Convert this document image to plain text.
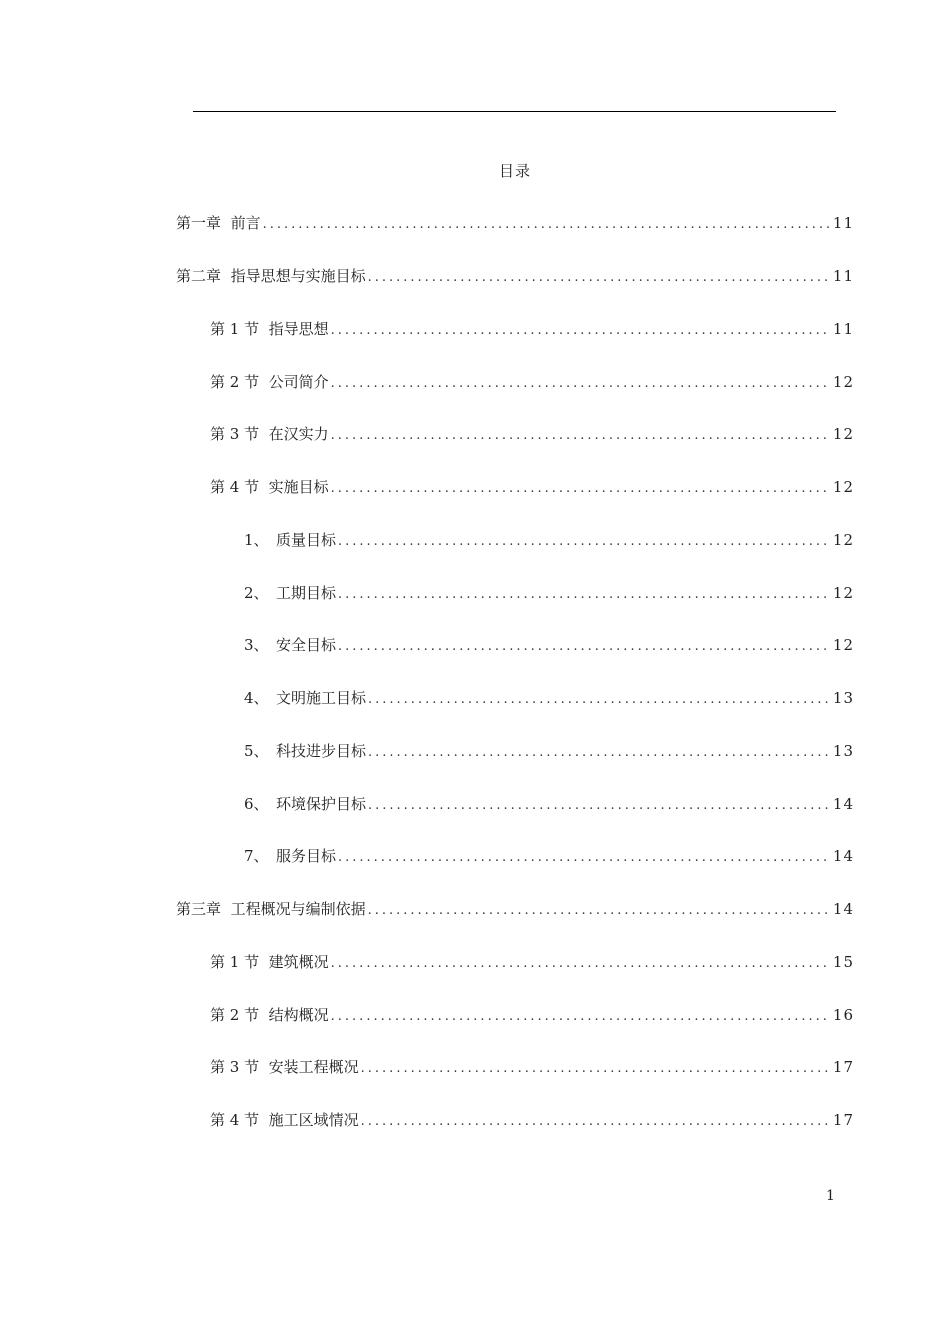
目录
第一章 前言 .....	11
第二章 指导思想与实施目标 .....	11
第 1 节 指导思想 .....	11
第 2 节 公司简介 .....	12
第 3 节 在汉实力 .....	12
第 4 节 实施目标 .....	12
1、 质量目标 .....	12
2、 工期目标 .....	12
3、 安全目标 .....	12
4、 文明施工目标 .....	13
5、 科技进步目标 .....	13
6、 环境保护目标 .....	14
7、 服务目标 .....	14
第三章 工程概况与编制依据 .....	14
第 1 节 建筑概况 .....	15
第 2 节 结构概况 .....	16
第 3 节 安装工程概况 .....	17
第 4 节 施工区域情况 .....	17
1
